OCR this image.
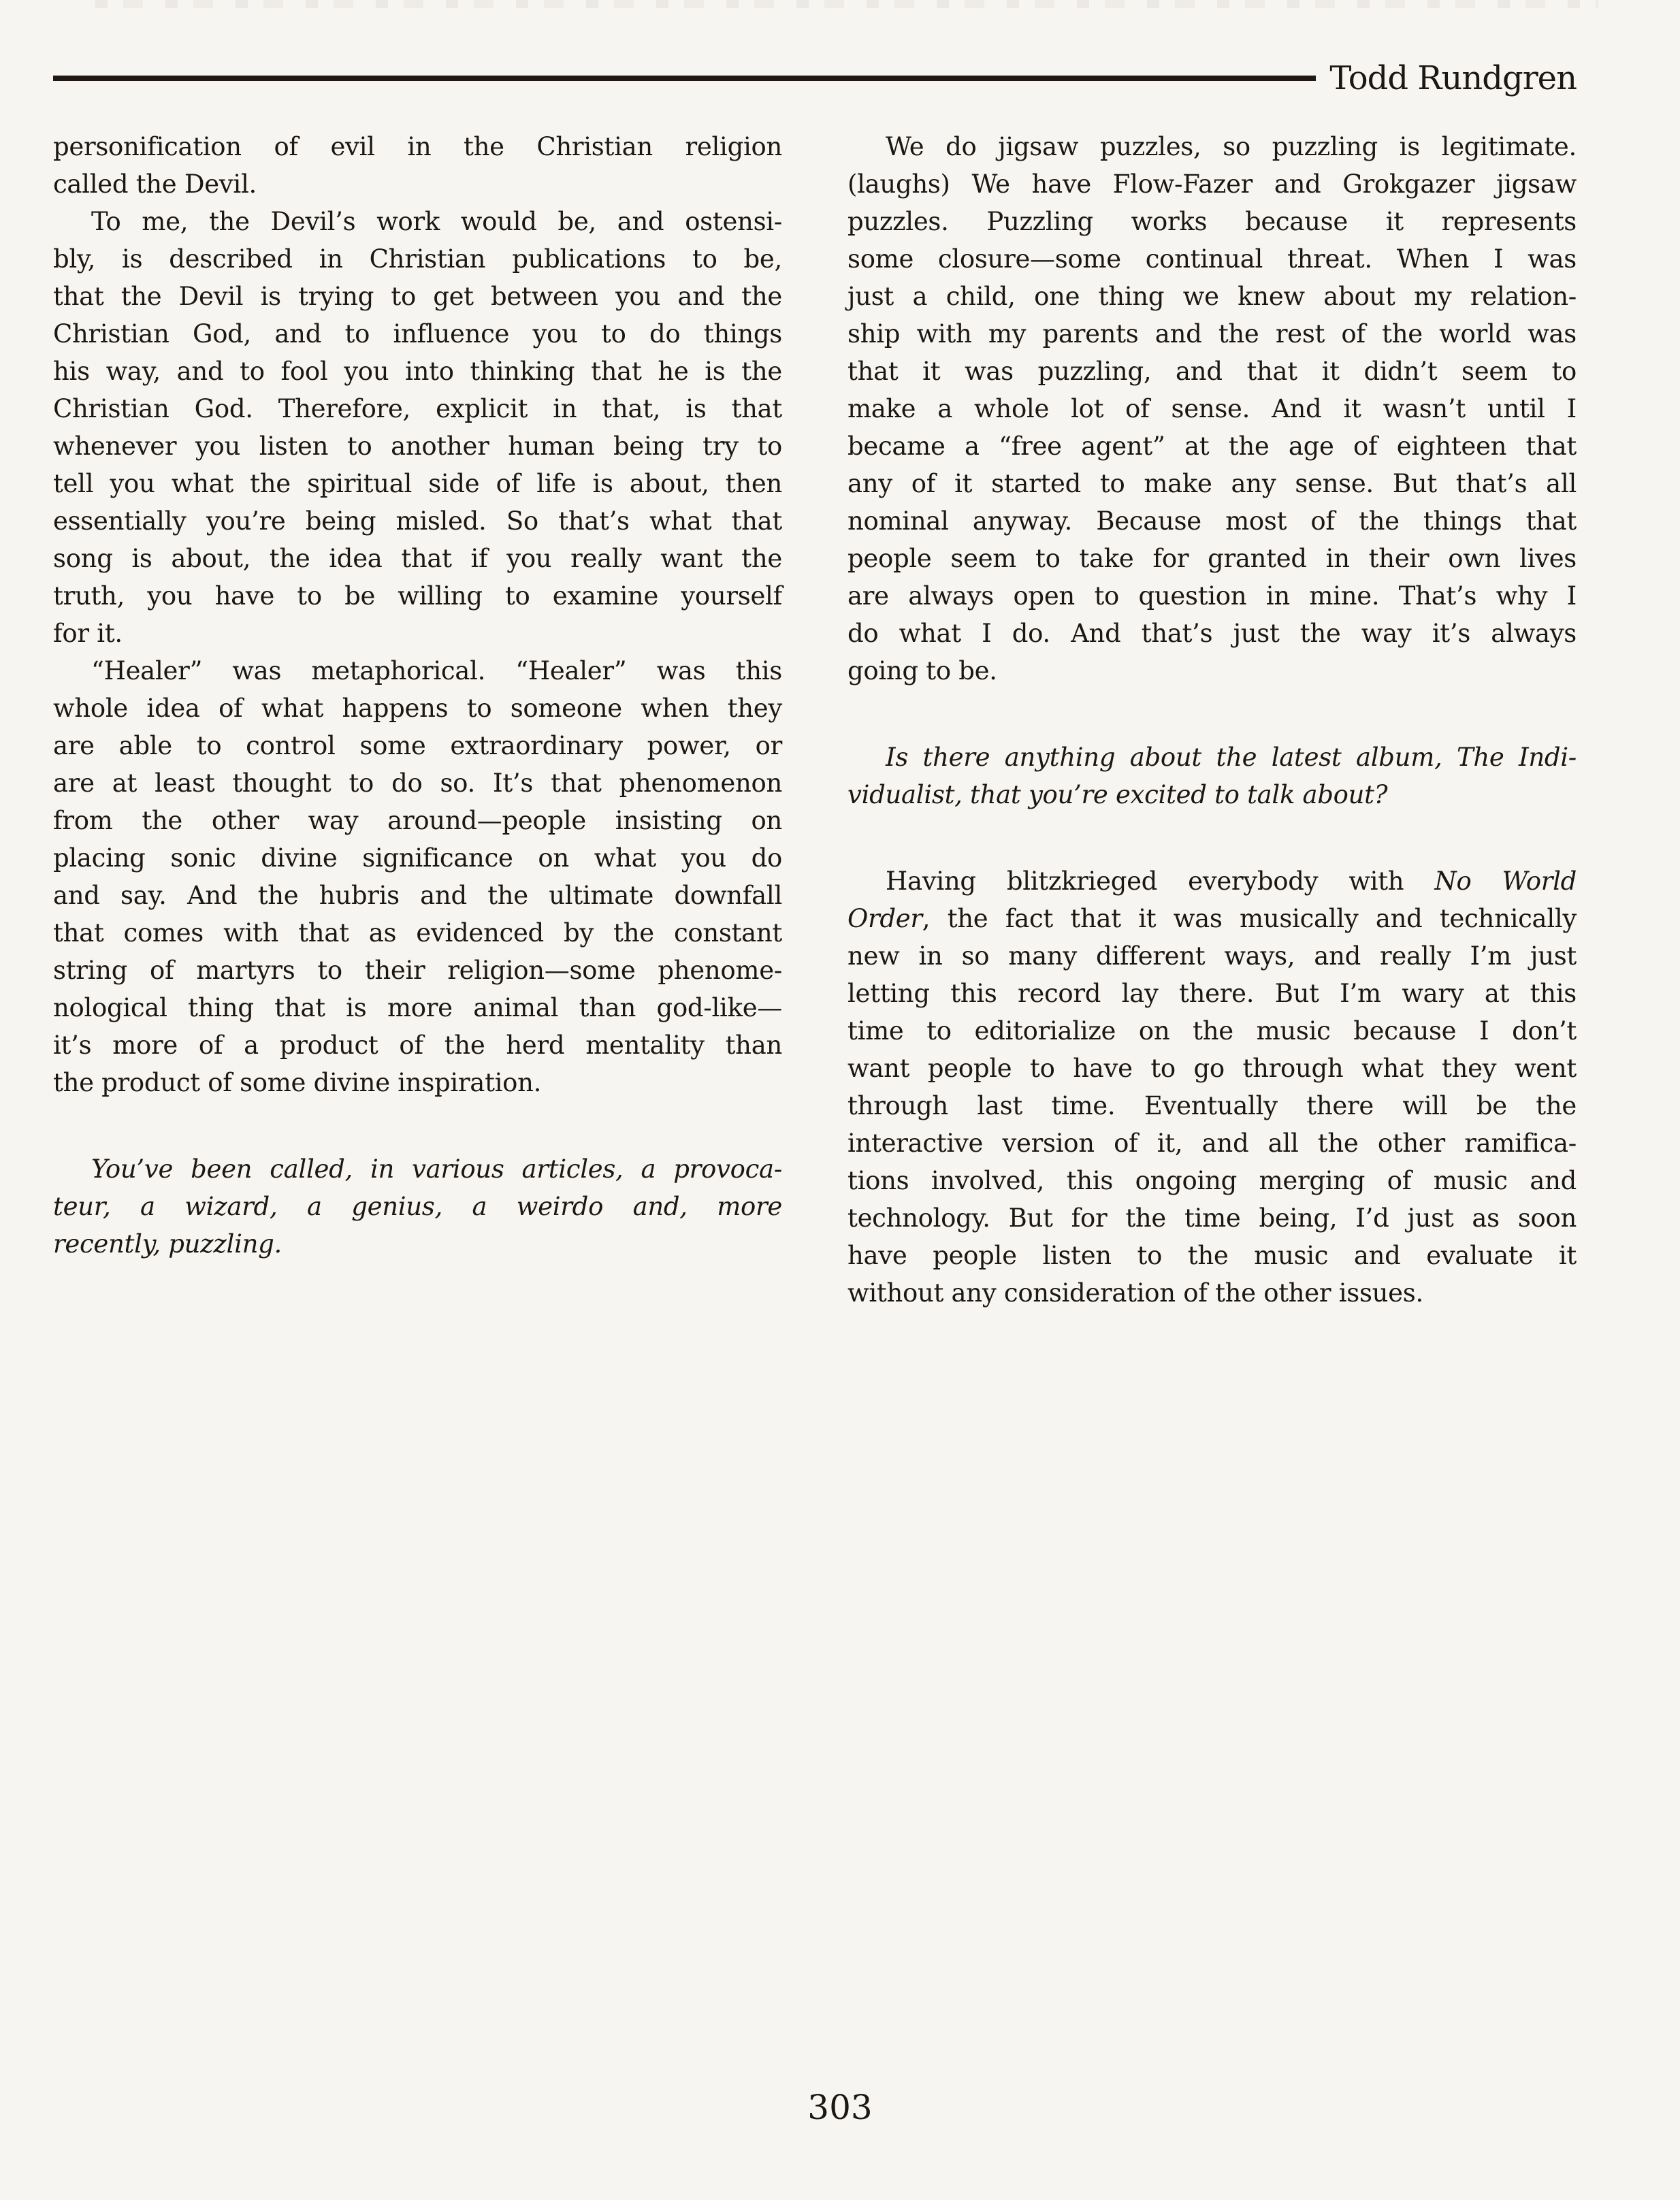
Todd Rundgren
personification of evil in the Christian religion
called the Devil.
To me, the Devil’s work would be, and ostensi-
bly, is described in Christian publications to be,
that the Devil is trying to get between you and the
Christian God, and to influence you to do things
his way, and to fool you into thinking that he is the
Christian God. Therefore, explicit in that, is that
whenever you listen to another human being try to
tell you what the spiritual side of life is about, then
essentially you’re being misled. So that’s what that
song is about, the idea that if you really want the
truth, you have to be willing to examine yourself
for it.
“Healer” was metaphorical. “Healer” was this
whole idea of what happens to someone when they
are able to control some extraordinary power, or
are at least thought to do so. It’s that phenomenon
from the other way around—people insisting on
placing sonic divine significance on what you do
and say. And the hubris and the ultimate downfall
that comes with that as evidenced by the constant
string of martyrs to their religion—some phenome-
nological thing that is more animal than god-like—
it’s more of a product of the herd mentality than
the product of some divine inspiration.
You’ve been called, in various articles, a provoca-
teur, a wizard, a genius, a weirdo and, more
recently, puzzling.
We do jigsaw puzzles, so puzzling is legitimate.
(laughs) We have Flow-Fazer and Grokgazer jigsaw
puzzles. Puzzling works because it represents
some closure—some continual threat. When I was
just a child, one thing we knew about my relation-
ship with my parents and the rest of the world was
that it was puzzling, and that it didn’t seem to
make a whole lot of sense. And it wasn’t until I
became a “free agent” at the age of eighteen that
any of it started to make any sense. But that’s all
nominal anyway. Because most of the things that
people seem to take for granted in their own lives
are always open to question in mine. That’s why I
do what I do. And that’s just the way it’s always
going to be.
Is there anything about the latest album, The Indi-
vidualist, that you’re excited to talk about?
Having blitzkrieged everybody with No World
Order, the fact that it was musically and technically
new in so many different ways, and really I’m just
letting this record lay there. But I’m wary at this
time to editorialize on the music because I don’t
want people to have to go through what they went
through last time. Eventually there will be the
interactive version of it, and all the other ramifica-
tions involved, this ongoing merging of music and
technology. But for the time being, I’d just as soon
have people listen to the music and evaluate it
without any consideration of the other issues.
303
